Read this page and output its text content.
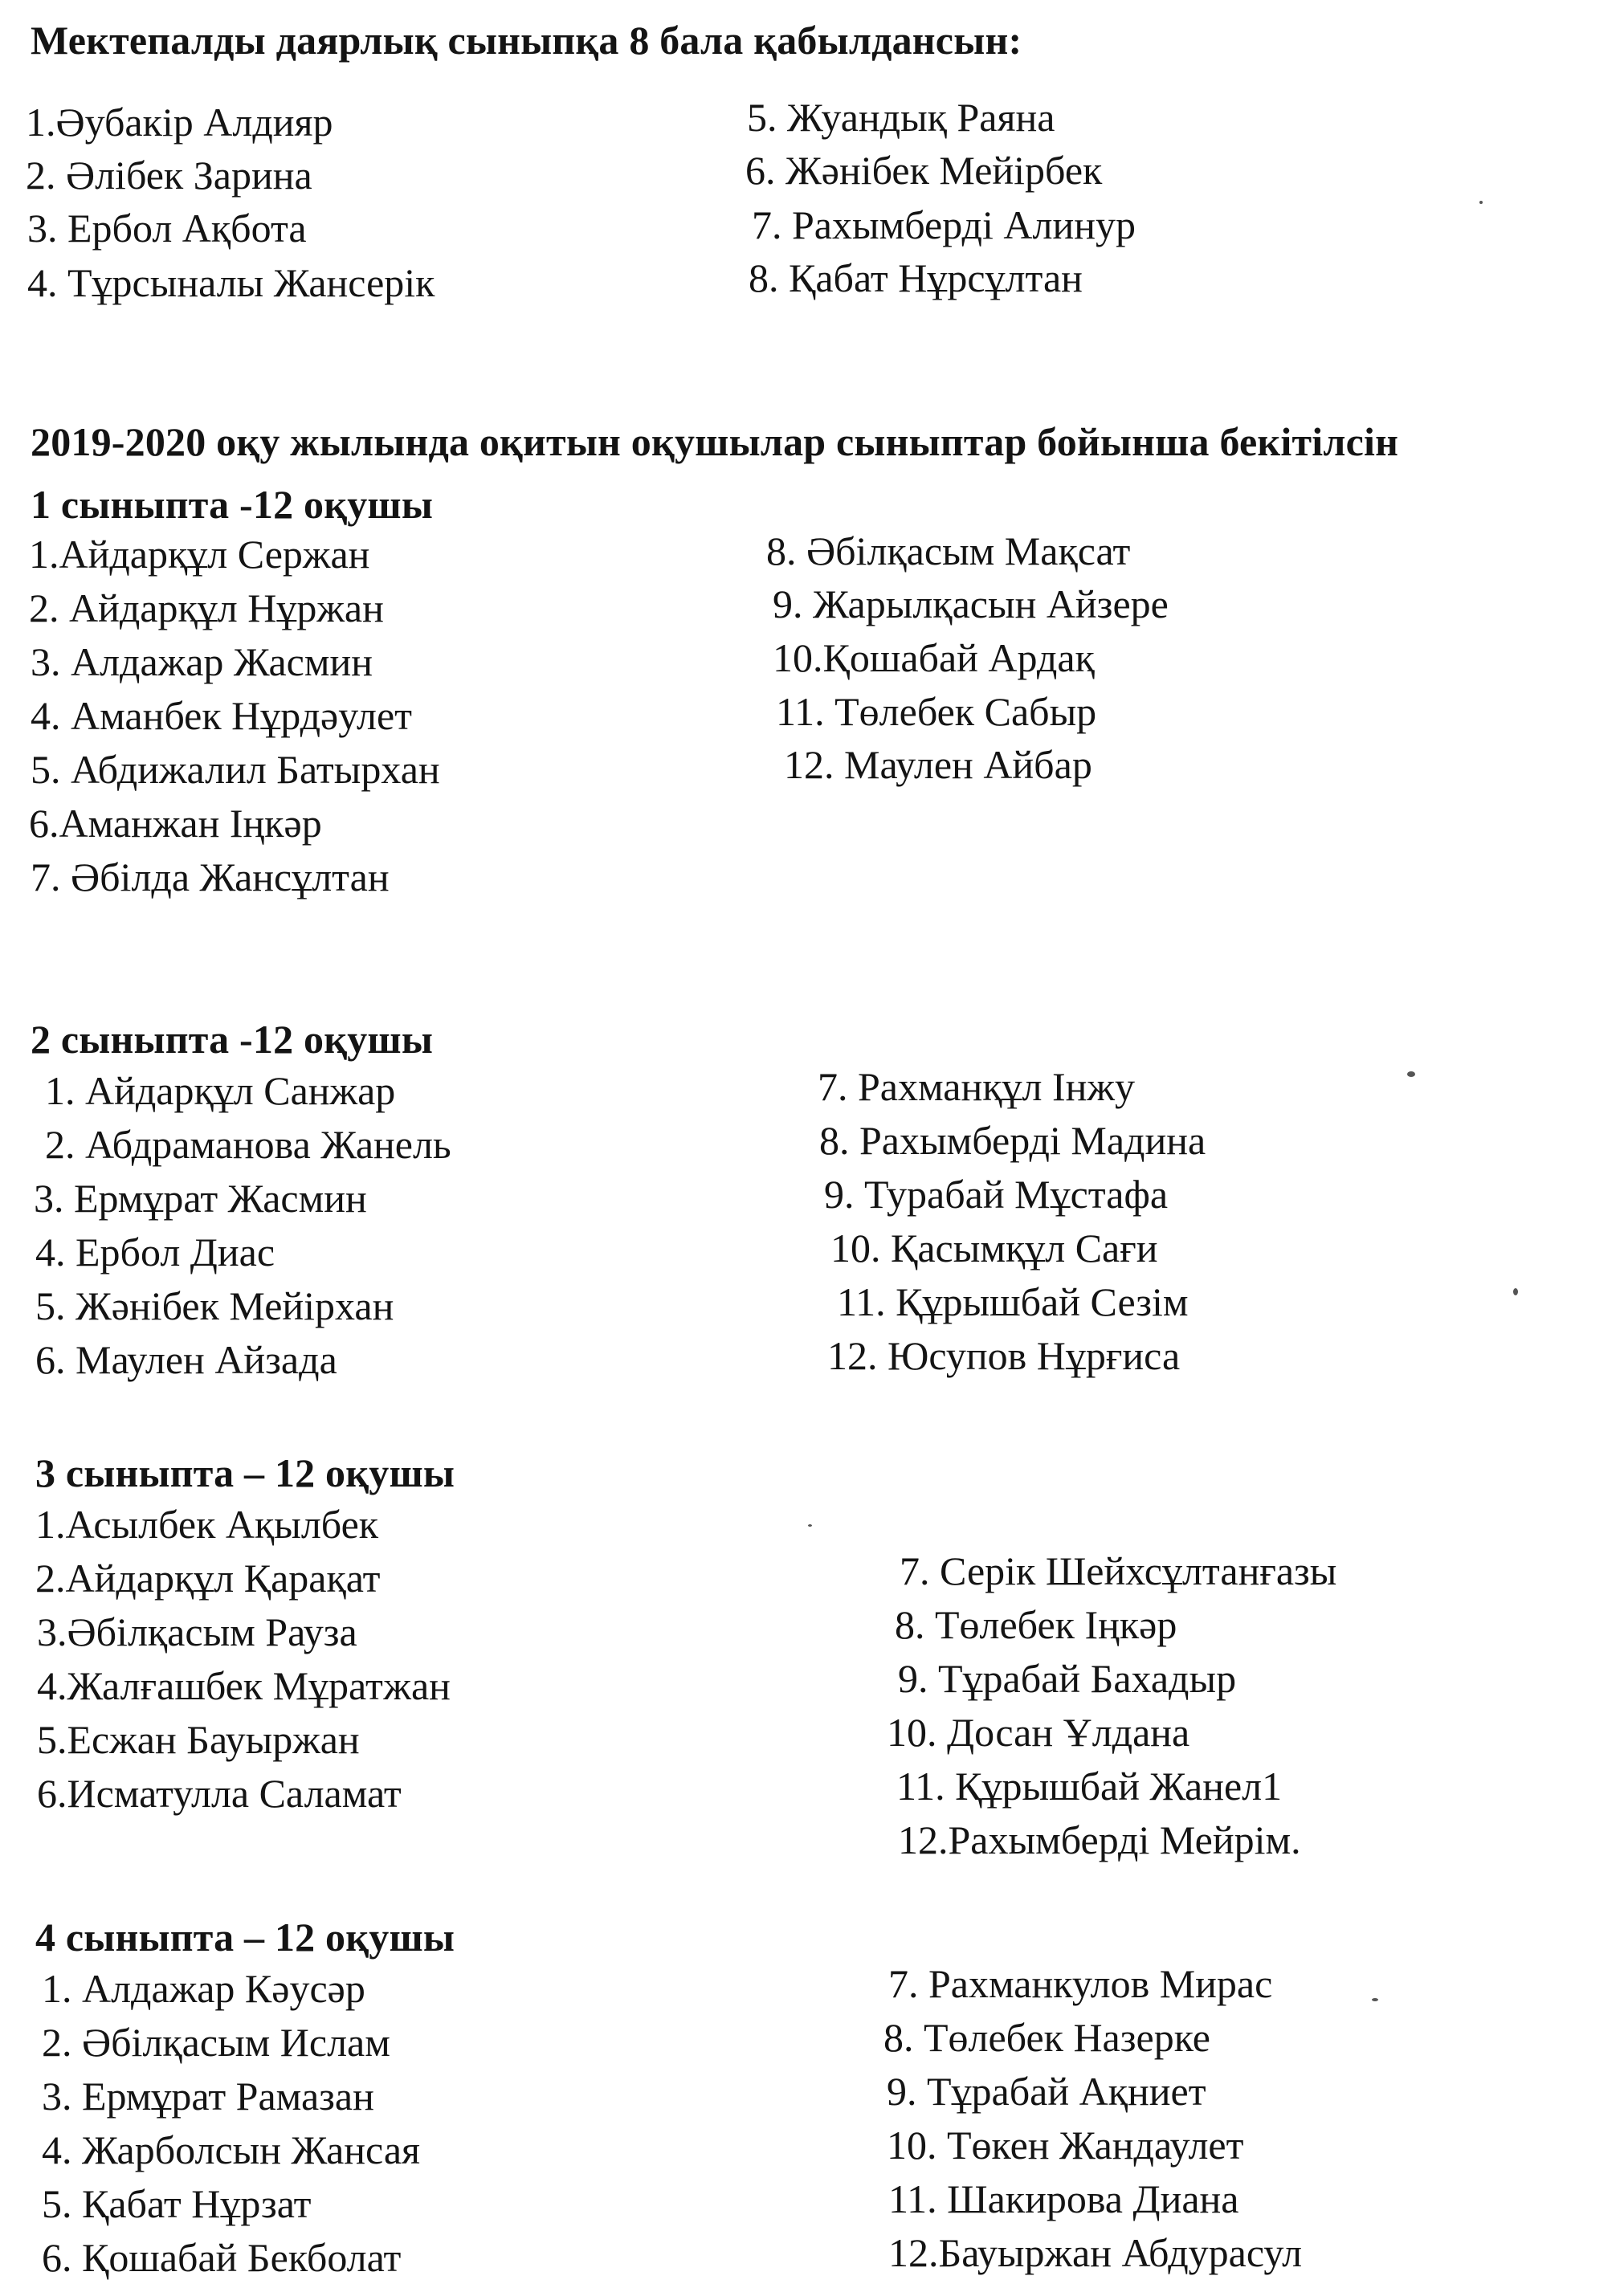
Мектепалды даярлық сыныпқа 8 бала қабылдансын:
1.Әубакір Алдияр
2. Әлібек Зарина
3. Ербол Ақбота
4. Тұрсыналы Жансерік
5. Жуандық Раяна
6. Жәнібек Мейірбек
7. Рахымберді Алинур
8. Қабат Нұрсұлтан
2019-2020 оқу жылында оқитын оқушылар сыныптар бойынша бекітілсін
1 сыныпта -12 оқушы
1.Айдарқұл Сержан
2. Айдарқұл Нұржан
3. Алдажар Жасмин
4. Аманбек Нұрдәулет
5. Абдижалил Батырхан
6.Аманжан Іңкәр
7. Әбілда Жансұлтан
8. Әбілқасым Мақсат
9. Жарылқасын Айзере
10.Қошабай Ардақ
11. Төлебек Сабыр
12. Маулен Айбар
2 сыныпта -12 оқушы
1. Айдарқұл Санжар
2. Абдраманова Жанель
3. Ермұрат Жасмин
4. Ербол Диас
5. Жәнібек Мейірхан
6. Маулен Айзада
7. Рахманқұл Інжу
8. Рахымберді Мадина
9. Турабай Мұстафа
10. Қасымқұл Сағи
11. Құрышбай Сезім
12. Юсупов Нұрғиса
3 сыныпта – 12 оқушы
1.Асылбек Ақылбек
2.Айдарқұл Қарақат
3.Әбілқасым Рауза
4.Жалғашбек Мұратжан
5.Есжан Бауыржан
6.Исматулла Саламат
7. Серік Шейхсұлтанғазы
8. Төлебек Іңкәр
9. Тұрабай Бахадыр
10. Досан Ұлдана
11. Құрышбай Жанел1
12.Рахымберді Мейрім.
4 сыныпта – 12 оқушы
1. Алдажар Кәусәр
2. Әбілқасым Ислам
3. Ермұрат Рамазан
4. Жарболсын Жансая
5. Қабат Нұрзат
6. Қошабай Бекболат
7. Рахманкулов Мирас
8. Төлебек Назерке
9. Тұрабай Ақниет
10. Төкен Жандаулет
11. Шакирова Диана
12.Бауыржан Абдурасул
